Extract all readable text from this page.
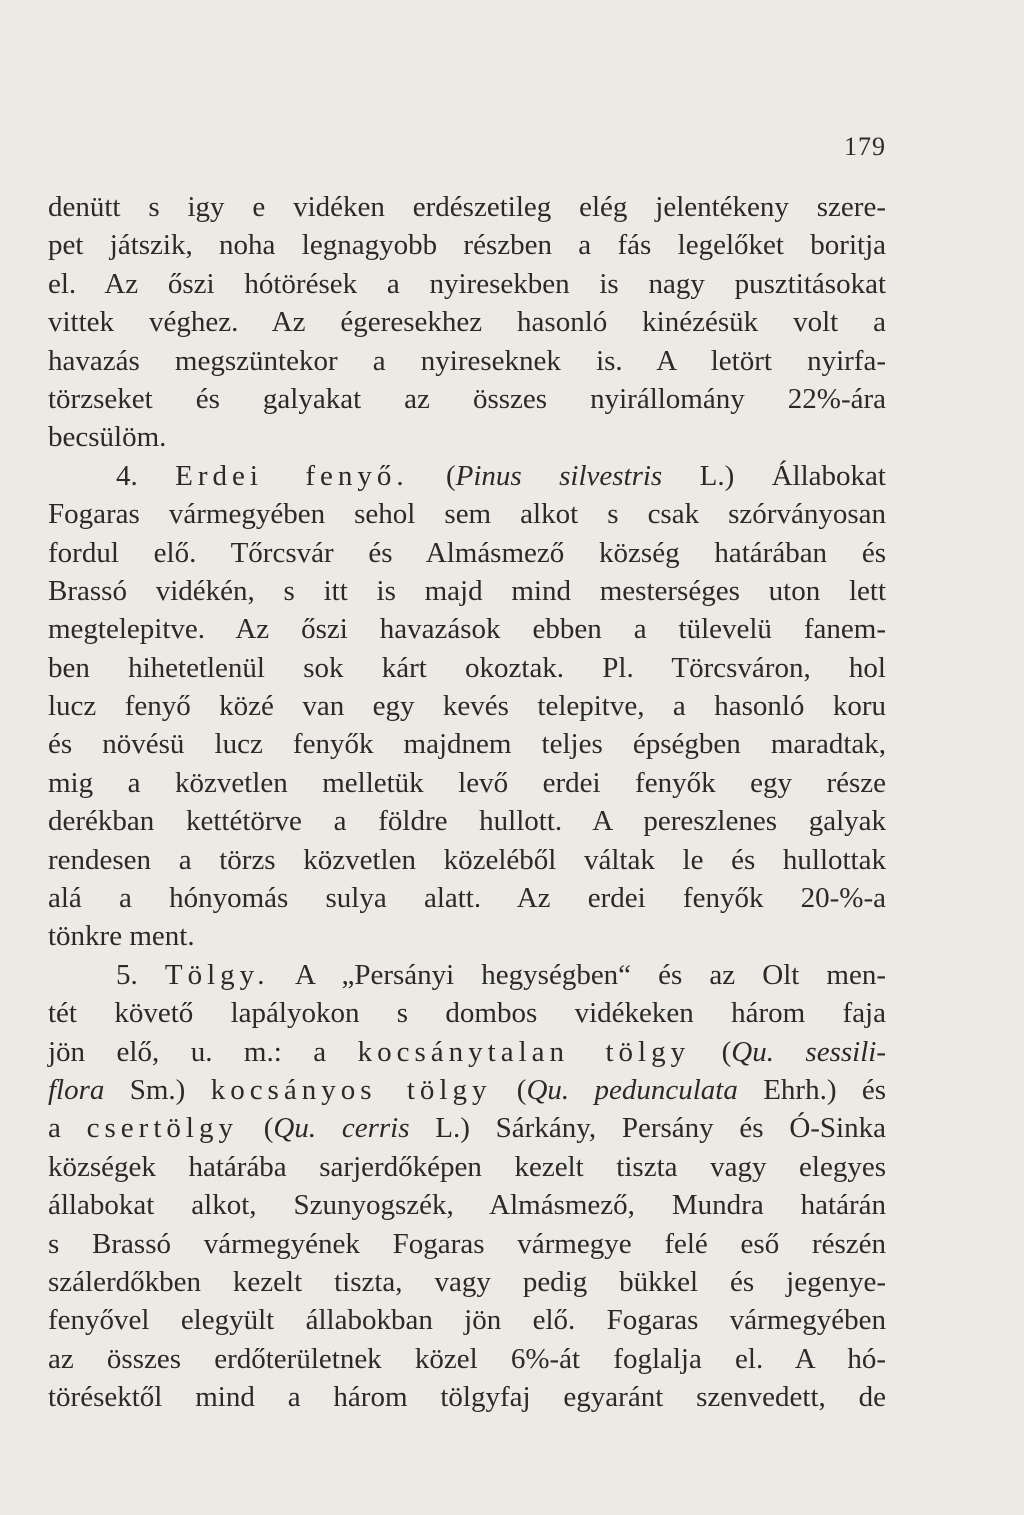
179
denütt s igy e vidéken erdészetileg elég jelentékeny szere-
pet játszik, noha legnagyobb részben a fás legelőket boritja
el. Az őszi hótörések a nyiresekben is nagy pusztitásokat
vittek véghez. Az égeresekhez hasonló kinézésük volt a
havazás megszüntekor a nyireseknek is. A letört nyirfa-
törzseket és galyakat az összes nyirállomány 22%-ára
becsülöm.
4. Erdei fenyő. (Pinus silvestris L.) Állabokat
Fogaras vármegyében sehol sem alkot s csak szórványosan
fordul elő. Tőrcsvár és Almásmező község határában és
Brassó vidékén, s itt is majd mind mesterséges uton lett
megtelepitve. Az őszi havazások ebben a tülevelü fanem-
ben hihetetlenül sok kárt okoztak. Pl. Törcsváron, hol
lucz fenyő közé van egy kevés telepitve, a hasonló koru
és növésü lucz fenyők majdnem teljes épségben maradtak,
mig a közvetlen melletük levő erdei fenyők egy része
derékban kettétörve a földre hullott. A pereszlenes galyak
rendesen a törzs közvetlen közeléből váltak le és hullottak
alá a hónyomás sulya alatt. Az erdei fenyők 20-%-a
tönkre ment.
5. Tölgy. A „Persányi hegységben“ és az Olt men-
tét követő lapályokon s dombos vidékeken három faja
jön elő, u. m.: a kocsánytalan tölgy (Qu. sessili-
flora Sm.) kocsányos tölgy (Qu. pedunculata Ehrh.) és
a csertölgy (Qu. cerris L.) Sárkány, Persány és Ó-Sinka
községek határába sarjerdőképen kezelt tiszta vagy elegyes
állabokat alkot, Szunyogszék, Almásmező, Mundra határán
s Brassó vármegyének Fogaras vármegye felé eső részén
szálerdőkben kezelt tiszta, vagy pedig bükkel és jegenye-
fenyővel elegyült állabokban jön elő. Fogaras vármegyében
az összes erdőterületnek közel 6%-át foglalja el. A hó-
törésektől mind a három tölgyfaj egyaránt szenvedett, de
